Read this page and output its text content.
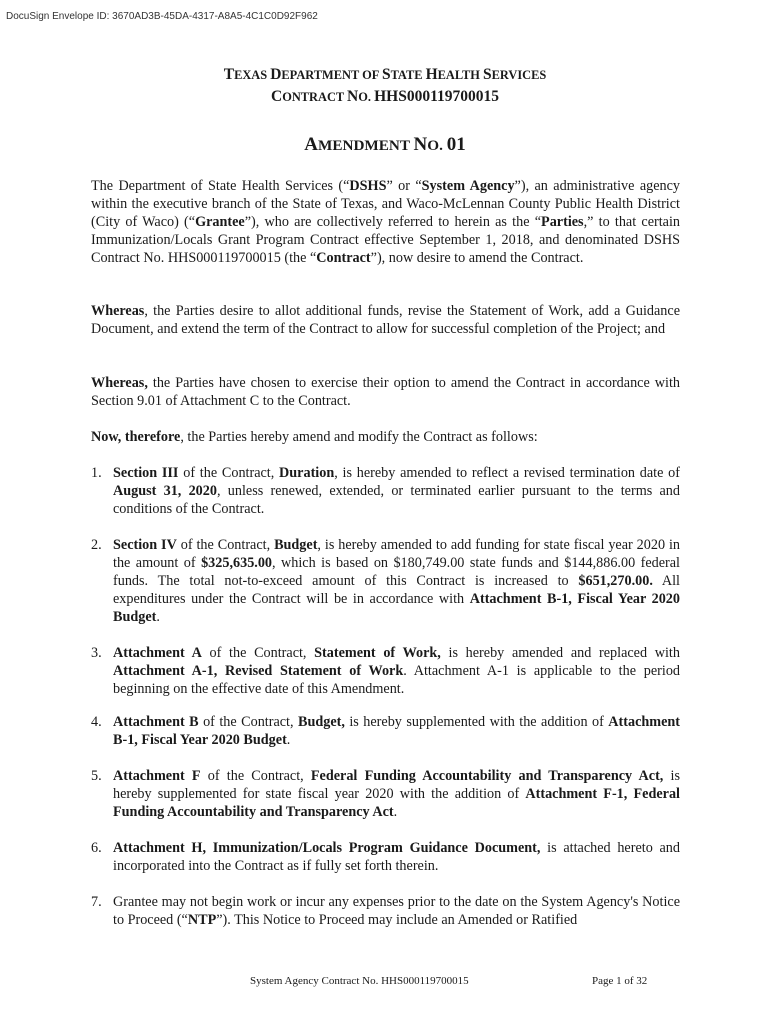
DocuSign Envelope ID: 3670AD3B-45DA-4317-A8A5-4C1C0D92F962
TEXAS DEPARTMENT OF STATE HEALTH SERVICES
CONTRACT NO. HHS000119700015
AMENDMENT NO. 01

The Department of State Health Services (“DSHS” or “System Agency”), an administrative agency within the executive branch of the State of Texas, and Waco-McLennan County Public Health District (City of Waco) (“Grantee”), who are collectively referred to herein as the “Parties,” to that certain Immunization/Locals Grant Program Contract effective September 1, 2018, and denominated DSHS Contract No. HHS000119700015 (the “Contract”), now desire to amend the Contract.

Whereas, the Parties desire to allot additional funds, revise the Statement of Work, add a Guidance Document, and extend the term of the Contract to allow for successful completion of the Project; and

Whereas, the Parties have chosen to exercise their option to amend the Contract in accordance with Section 9.01 of Attachment C to the Contract.

Now, therefore, the Parties hereby amend and modify the Contract as follows:

1. Section III of the Contract, Duration, is hereby amended to reflect a revised termination date of August 31, 2020, unless renewed, extended, or terminated earlier pursuant to the terms and conditions of the Contract.
2. Section IV of the Contract, Budget, is hereby amended to add funding for state fiscal year 2020 in the amount of $325,635.00, which is based on $180,749.00 state funds and $144,886.00 federal funds. The total not-to-exceed amount of this Contract is increased to $651,270.00. All expenditures under the Contract will be in accordance with Attachment B-1, Fiscal Year 2020 Budget.
3. Attachment A of the Contract, Statement of Work, is hereby amended and replaced with Attachment A-1, Revised Statement of Work. Attachment A-1 is applicable to the period beginning on the effective date of this Amendment.
4. Attachment B of the Contract, Budget, is hereby supplemented with the addition of Attachment B-1, Fiscal Year 2020 Budget.
5. Attachment F of the Contract, Federal Funding Accountability and Transparency Act, is hereby supplemented for state fiscal year 2020 with the addition of Attachment F-1, Federal Funding Accountability and Transparency Act.
6. Attachment H, Immunization/Locals Program Guidance Document, is attached hereto and incorporated into the Contract as if fully set forth therein.
7. Grantee may not begin work or incur any expenses prior to the date on the System Agency's Notice to Proceed (“NTP”). This Notice to Proceed may include an Amended or Ratified
System Agency Contract No. HHS000119700015	Page 1 of 32
